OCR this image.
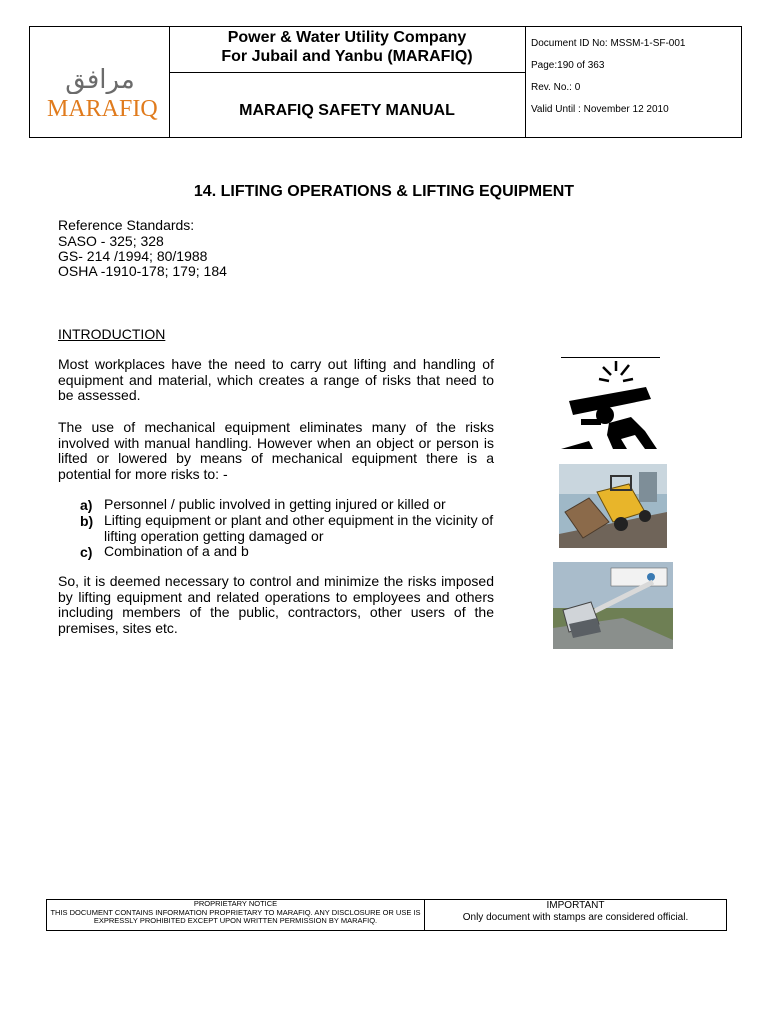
مرافق
MARAFIQ
Power & Water Utility Company
For Jubail and Yanbu (MARAFIQ)
MARAFIQ SAFETY MANUAL
Document ID No: MSSM-1-SF-001
Page:190 of 363
Rev. No.: 0
Valid Until : November 12 2010
14. LIFTING OPERATIONS & LIFTING EQUIPMENT
Reference Standards:
SASO - 325; 328
GS- 214 /1994; 80/1988
OSHA -1910-178; 179; 184
INTRODUCTION
Most workplaces have the need to carry out lifting and handling of equipment and material, which creates a range of risks that need to be assessed.
The use of mechanical equipment eliminates many of the risks involved with manual handling. However when an object or person is lifted or lowered by means of mechanical equipment there is a potential for more risks to: -
a) Personnel / public involved in getting injured or killed or
b) Lifting equipment or plant and other equipment in the vicinity of lifting operation getting damaged or
c) Combination of a and b
So, it is deemed necessary to control and minimize the risks imposed by lifting equipment and related operations to employees and others including members of the public, contractors, other users of the premises, sites etc.
PROPRIETARY NOTICE
THIS DOCUMENT CONTAINS INFORMATION PROPRIETARY TO MARAFIQ. ANY DISCLOSURE OR USE IS EXPRESSLY PROHIBITED EXCEPT UPON WRITTEN PERMISSION BY MARAFIQ.
IMPORTANT
Only document with stamps are considered official.
